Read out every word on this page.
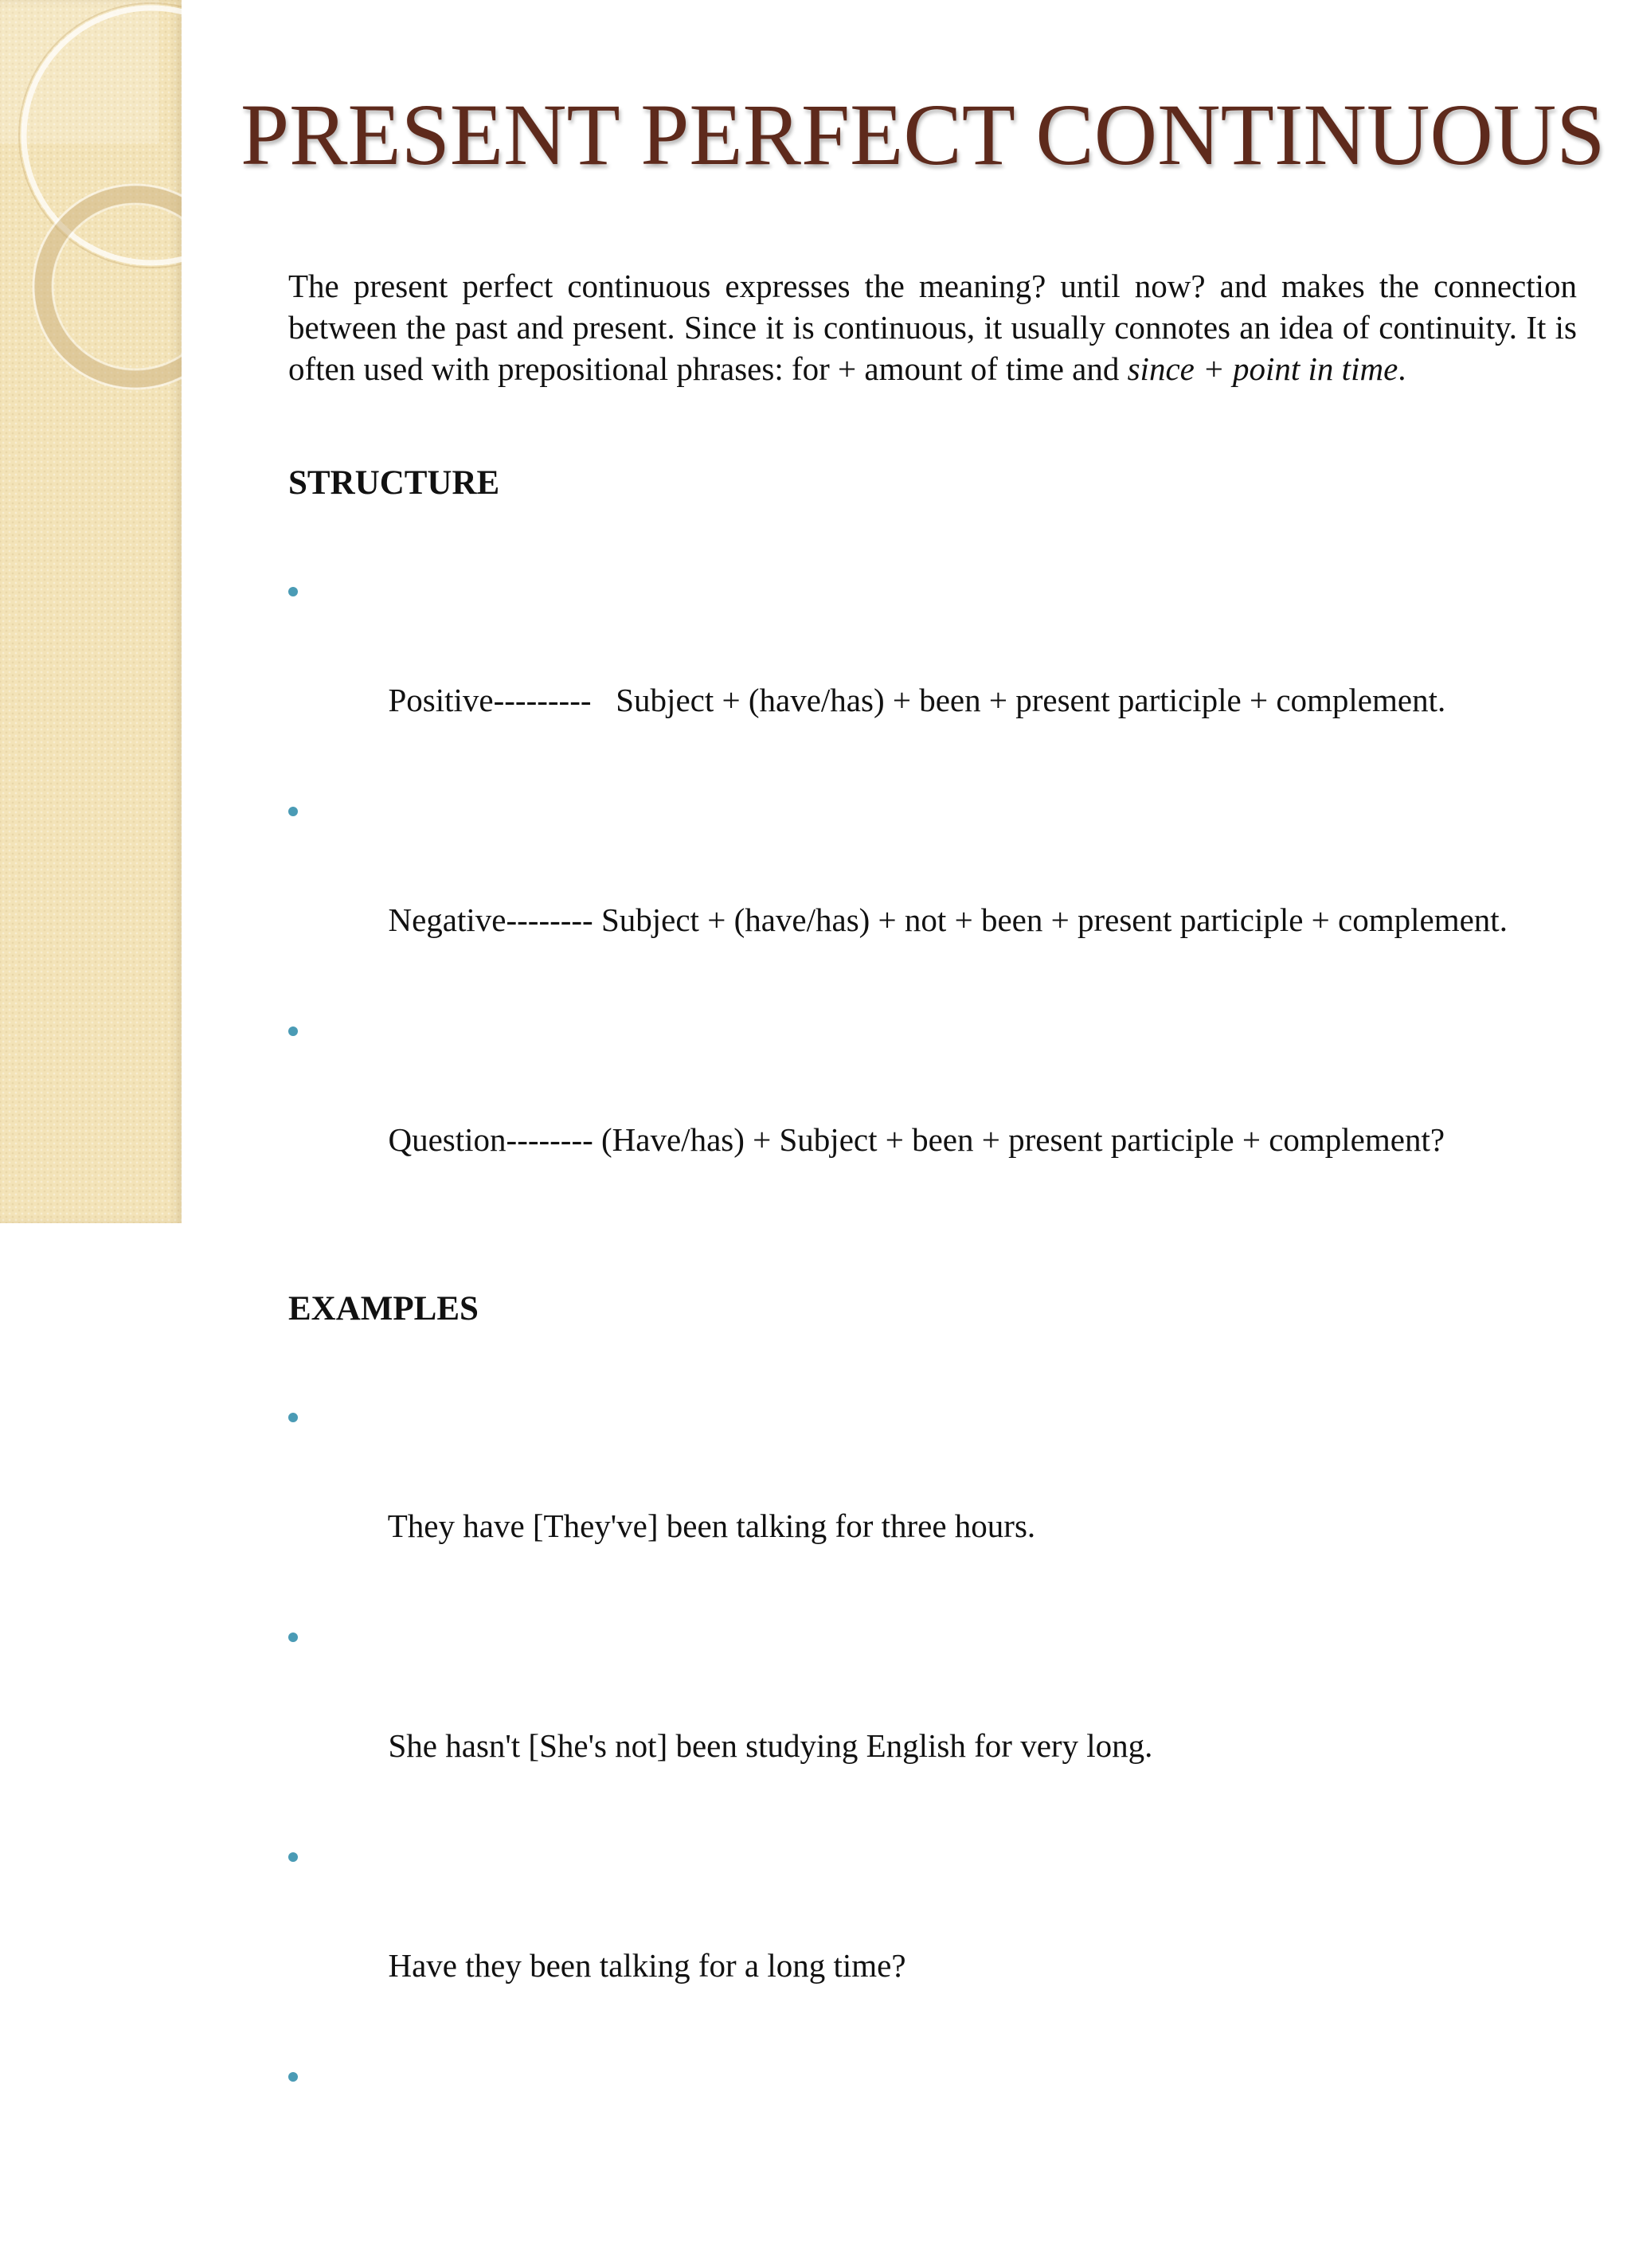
PRESENT PERFECT CONTINUOUS

The present perfect continuous expresses the meaning? until now? and makes the connection between the past and present. Since it is continuous, it usually connotes an idea of continuity. It is often used with prepositional phrases: for + amount of time and since + point in time.

STRUCTURE

Positive---------   Subject + (have/has) + been + present participle + complement.

Negative-------- Subject + (have/has) + not + been + present participle + complement.

Question-------- (Have/has) + Subject + been + present participle + complement?

EXAMPLES

They have [They've] been talking for three hours.

She hasn't [She's not] been studying English for very long.

Have they been talking for a long time?
